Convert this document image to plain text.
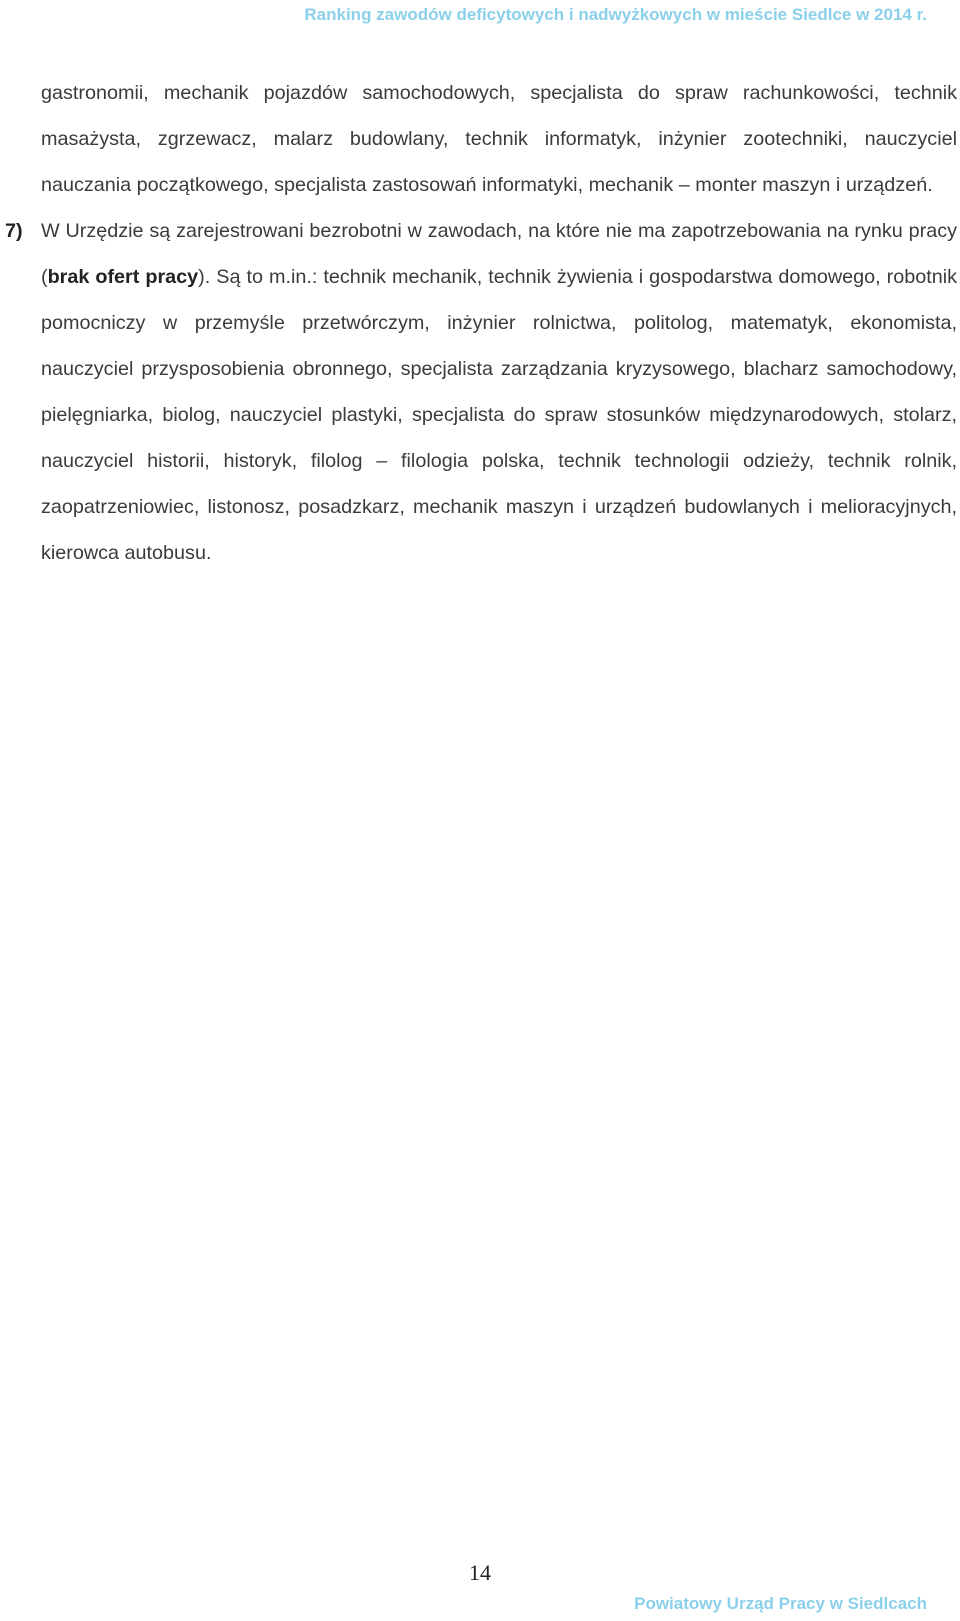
Ranking zawodów deficytowych i nadwyżkowych w mieście Siedlce w 2014 r.

gastronomii, mechanik pojazdów samochodowych, specjalista do spraw rachunkowości, technik masażysta, zgrzewacz, malarz budowlany, technik informatyk, inżynier zootechniki, nauczyciel nauczania początkowego, specjalista zastosowań informatyki, mechanik – monter maszyn i urządzeń.

7) W Urzędzie są zarejestrowani bezrobotni w zawodach, na które nie ma zapotrzebowania na rynku pracy (brak ofert pracy). Są to m.in.: technik mechanik, technik żywienia i gospodarstwa domowego, robotnik pomocniczy w przemyśle przetwórczym, inżynier rolnictwa, politolog, matematyk, ekonomista, nauczyciel przysposobienia obronnego, specjalista zarządzania kryzysowego, blacharz samochodowy, pielęgniarka, biolog, nauczyciel plastyki, specjalista do spraw stosunków międzynarodowych, stolarz, nauczyciel historii, historyk, filolog – filologia polska, technik technologii odzieży, technik rolnik, zaopatrzeniowiec, listonosz, posadzkarz, mechanik maszyn i urządzeń budowlanych i melioracyjnych, kierowca autobusu.

14
Powiatowy Urząd Pracy w Siedlcach
